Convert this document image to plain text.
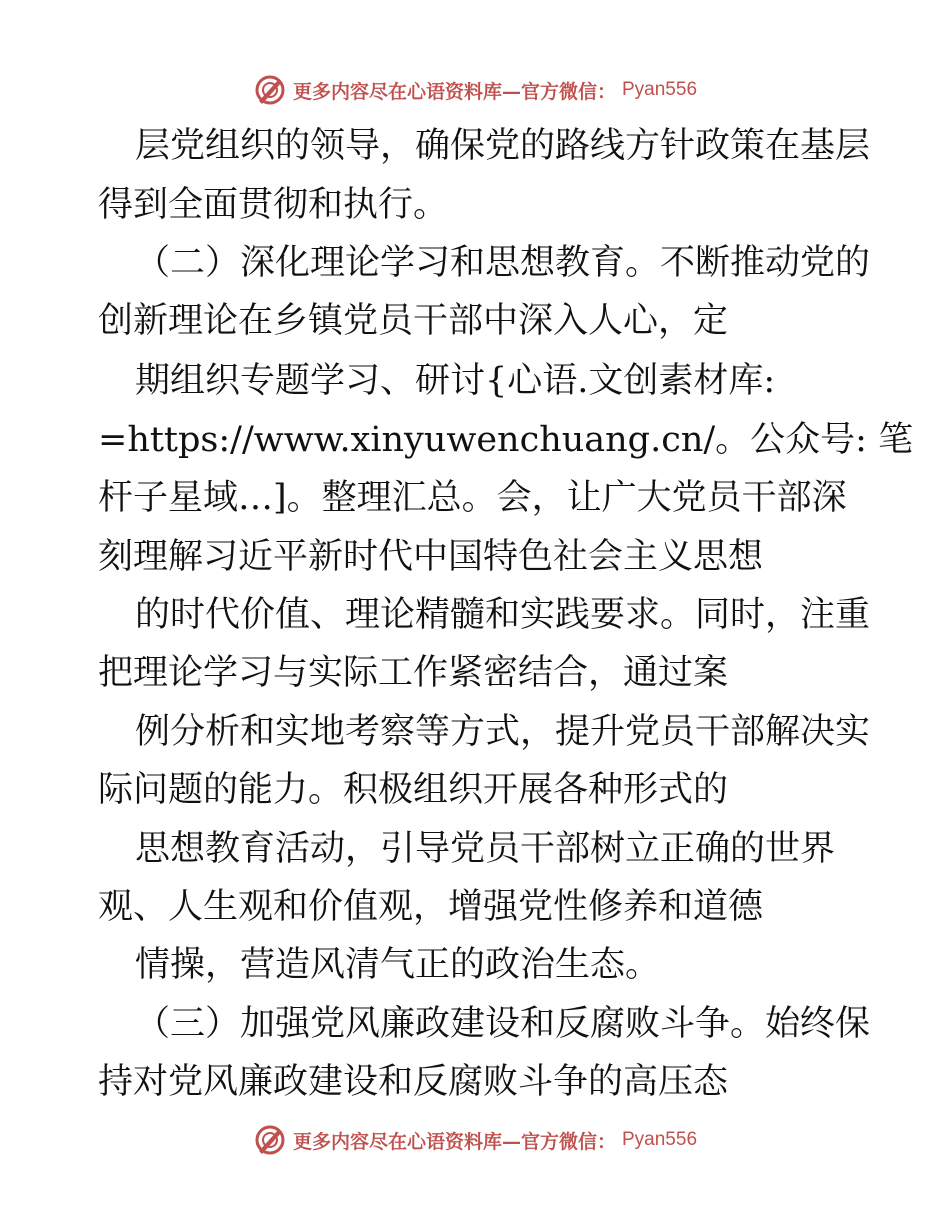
更多内容尽在心语资料库—官方微信： Pyan556
层党组织的领导，确保党的路线方针政策在基层
得到全面贯彻和执行。
（二）深化理论学习和思想教育。不断推动党的
创新理论在乡镇党员干部中深入人心，定
期组织专题学习、研讨{心语.文创素材库:
=https://www.xinyuwenchuang.cn/。公众号: 笔
杆子星域…]。整理汇总。会，让广大党员干部深
刻理解习近平新时代中国特色社会主义思想
的时代价值、理论精髓和实践要求。同时，注重
把理论学习与实际工作紧密结合，通过案
例分析和实地考察等方式，提升党员干部解决实
际问题的能力。积极组织开展各种形式的
思想教育活动，引导党员干部树立正确的世界
观、人生观和价值观，增强党性修养和道德
情操，营造风清气正的政治生态。
（三）加强党风廉政建设和反腐败斗争。始终保
持对党风廉政建设和反腐败斗争的高压态
更多内容尽在心语资料库—官方微信： Pyan556
